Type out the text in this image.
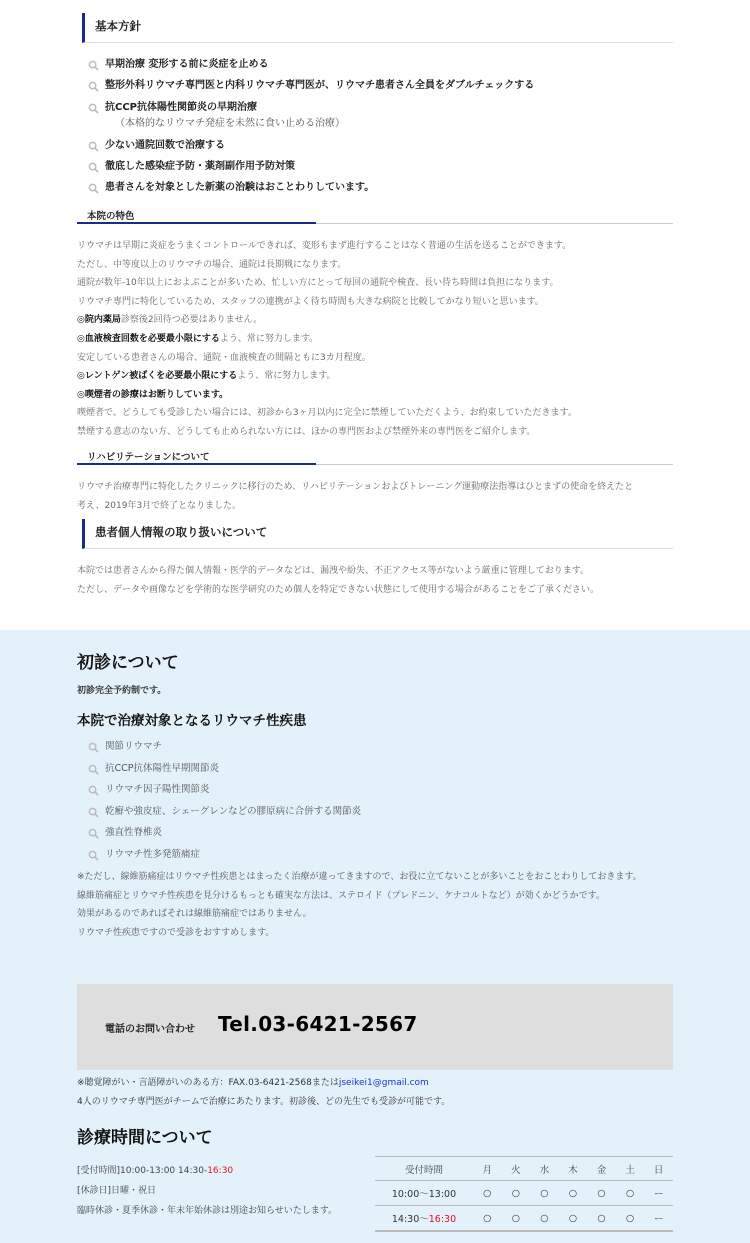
基本方針
早期治療 変形する前に炎症を止める
整形外科リウマチ専門医と内科リウマチ専門医が、リウマチ患者さん全員をダブルチェックする
抗CCP抗体陽性関節炎の早期治療
（本格的なリウマチ発症を未然に食い止める治療）
少ない通院回数で治療する
徹底した感染症予防・薬剤副作用予防対策
患者さんを対象とした新薬の治験はおことわりしています。
本院の特色
リウマチは早期に炎症をうまくコントロールできれば、変形もまず進行することはなく普通の生活を送ることができます。
ただし、中等度以上のリウマチの場合、通院は長期戦になります。
通院が数年-10年以上におよぶことが多いため、忙しい方にとって毎回の通院や検査、長い待ち時間は負担になります。
リウマチ専門に特化しているため、スタッフの連携がよく待ち時間も大きな病院と比較してかなり短いと思います。
◎院内薬局診察後2回待つ必要はありません。
◎血液検査回数を必要最小限にするよう、常に努力します。
安定している患者さんの場合、通院・血液検査の間隔ともに3カ月程度。
◎レントゲン被ばくを必要最小限にするよう、常に努力します。
◎喫煙者の診療はお断りしています。
喫煙者で、どうしても受診したい場合には、初診から3ヶ月以内に完全に禁煙していただくよう、お約束していただきます。
禁煙する意志のない方、どうしても止められない方には、ほかの専門医および禁煙外来の専門医をご紹介します。
リハビリテーションについて
リウマチ治療専門に特化したクリニックに移行のため、リハビリテーションおよびトレーニング運動療法指導はひとまずの使命を終えたと
考え、2019年3月で終了となりました。
患者個人情報の取り扱いについて
本院では患者さんから得た個人情報・医学的データなどは、漏洩や紛失、不正アクセス等がないよう厳重に管理しております。
ただし、データや画像などを学術的な医学研究のため個人を特定できない状態にして使用する場合があることをご了承ください。
初診について
初診完全予約制です。
本院で治療対象となるリウマチ性疾患
関節リウマチ
抗CCP抗体陽性早期関節炎
リウマチ因子陽性関節炎
乾癬や強皮症、シェーグレンなどの膠原病に合併する関節炎
強直性脊椎炎
リウマチ性多発筋痛症
※ただし、線維筋痛症はリウマチ性疾患とはまったく治療が違ってきますので、お役に立てないことが多いことをおことわりしておきます。
線維筋痛症とリウマチ性疾患を見分けるもっとも確実な方法は、ステロイド（プレドニン、ケナコルトなど）が効くかどうかです。
効果があるのであればそれは線維筋痛症ではありません。
リウマチ性疾患ですので受診をおすすめします。
電話のお問い合わせ Tel.03-6421-2567
※聴覚障がい・言語障がいのある方：FAX.03-6421-2568またはjseikei1@gmail.com
4人のリウマチ専門医がチームで治療にあたります。初診後、どの先生でも受診が可能です。
診療時間について
[受付時間]10:00-13:00 14:30-16:30
[休診日]日曜・祝日
臨時休診・夏季休診・年末年始休診は別途お知らせいたします。
受付時間	月	火	水	木	金	土	日
10:00～13:00	○	○	○	○	○	○	ー
14:30～16:30	○	○	○	○	○	○	ー
